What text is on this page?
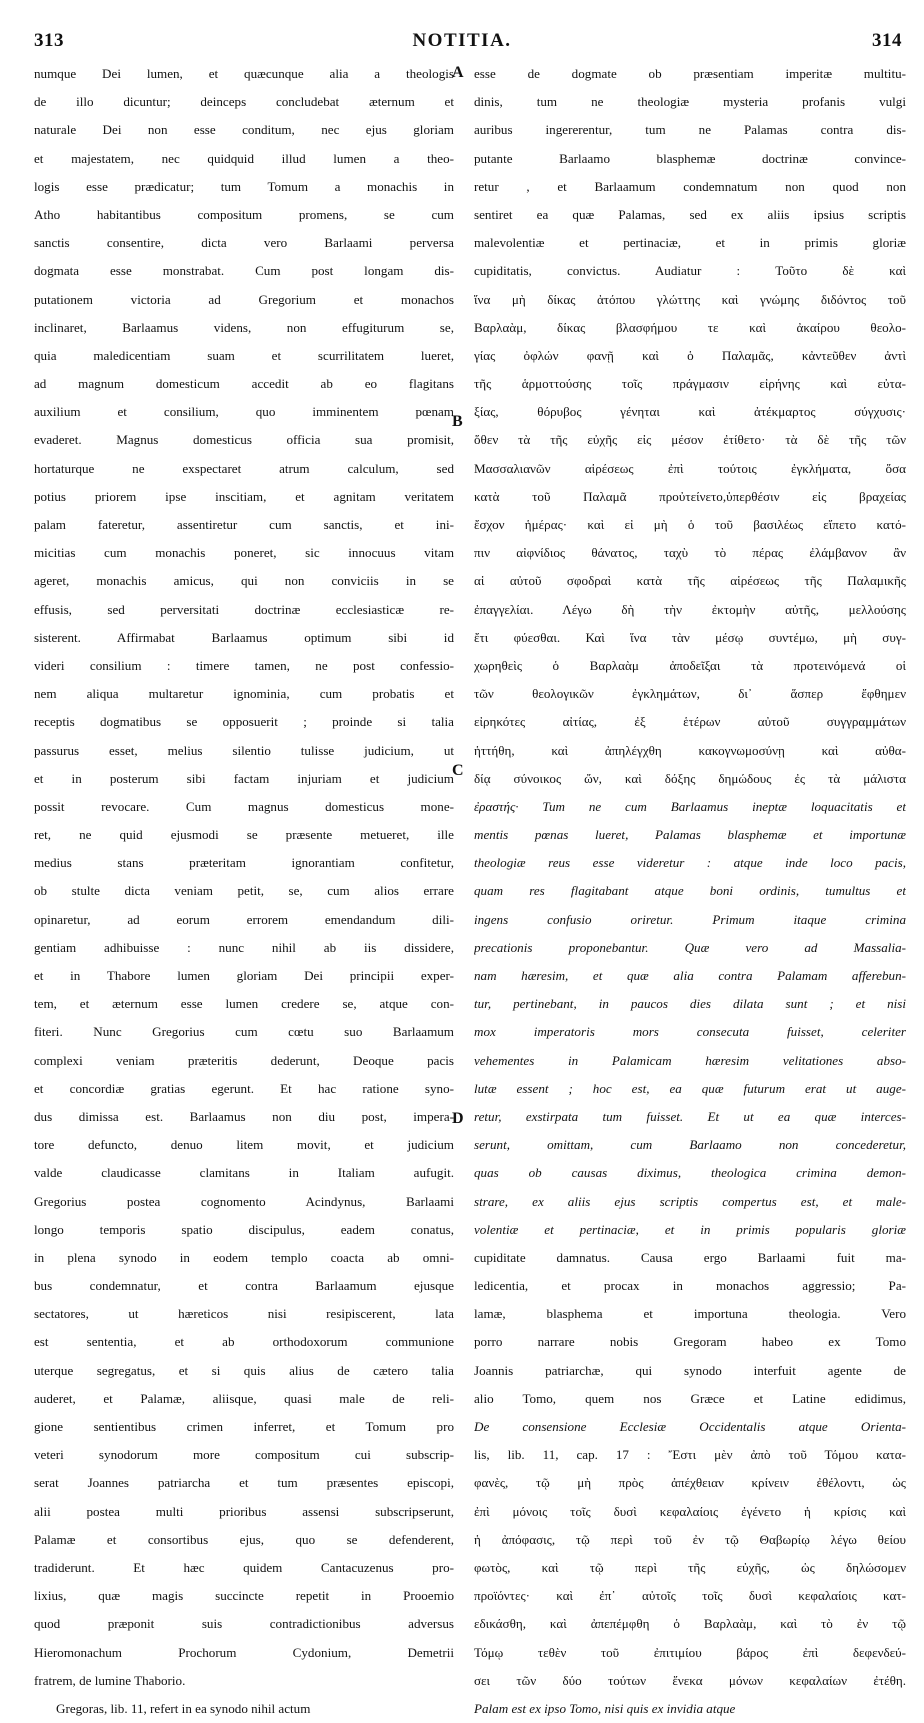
313	NOTITIA.	314
numque Dei lumen, et quæcunque alia a theologis
de illo dicuntur; deinceps concludebat æternum et
naturale Dei non esse conditum, nec ejus gloriam
et majestatem, nec quidquid illud lumen a theo-
logis esse prædicatur; tum Tomum a monachis in
Atho habitantibus compositum promens, se cum
sanctis consentire, dicta vero Barlaami perversa
dogmata esse monstrabat. Cum post longam dis-
putationem victoria ad Gregorium et monachos
inclinaret, Barlaamus videns, non effugiturum se,
quia maledicentiam suam et scurrilitatem lueret,
ad magnum domesticum accedit ab eo flagitans
auxilium et consilium, quo imminentem pœnam
evaderet. Magnus domesticus officia sua promisit,
hortaturque ne exspectaret atrum calculum, sed
potius priorem ipse inscitiam, et agnitam veritatem
palam fateretur, assentiretur cum sanctis, et ini-
micitias cum monachis poneret, sic innocuus vitam
ageret, monachis amicus, qui non conviciis in se
effusis, sed perversitati doctrinæ ecclesiasticæ re-
sisterent. Affirmabat Barlaamus optimum sibi id
videri consilium : timere tamen, ne post confessio-
nem aliqua multaretur ignominia, cum probatis et
receptis dogmatibus se opposuerit ; proinde si talia
passurus esset, melius silentio tulisse judicium, ut
et in posterum sibi factam injuriam et judicium
possit revocare. Cum magnus domesticus mone-
ret, ne quid ejusmodi se præsente metueret, ille
medius stans præteritam ignorantiam confitetur,
ob stulte dicta veniam petit, se, cum alios errare
opinaretur, ad eorum errorem emendandum dili-
gentiam adhibuisse : nunc nihil ab iis dissidere,
et in Thabore lumen gloriam Dei principii exper-
tem, et æternum esse lumen credere se, atque con-
fiteri. Nunc Gregorius cum cœtu suo Barlaamum
complexi veniam præteritis dederunt, Deoque pacis
et concordiæ gratias egerunt. Et hac ratione syno-
dus dimissa est. Barlaamus non diu post, impera-
tore defuncto, denuo litem movit, et judicium
valde claudicasse clamitans in Italiam aufugit.
Gregorius postea cognomento Acindynus, Barlaami
longo temporis spatio discipulus, eadem conatus,
in plena synodo in eodem templo coacta ab omni-
bus condemnatur, et contra Barlaamum ejusque
sectatores, ut hæreticos nisi resipiscerent, lata
est sententia, et ab orthodoxorum communione
uterque segregatus, et si quis alius de cætero talia
auderet, et Palamæ, aliisque, quasi male de reli-
gione sentientibus crimen inferret, et Tomum pro
veteri synodorum more compositum cui subscrip-
serat Joannes patriarcha et tum præsentes episcopi,
alii postea multi prioribus assensi subscripserunt,
Palamæ et consortibus ejus, quo se defenderent,
tradiderunt. Et hæc quidem Cantacuzenus pro-
lixius, quæ magis succincte repetit in Prooemio
quod præponit suis contradictionibus adversus
Hieromonachum Prochorum Cydonium, Demetrii
fratrem, de lumine Thaborio.
Gregoras, lib. 11, refert in ea synodo nihil actum
esse de dogmate ob præsentiam imperitæ multitu-
dinis, tum ne theologiæ mysteria profanis vulgi
auribus ingererentur, tum ne Palamas contra dis-
putante Barlaamo blasphemæ doctrinæ convince-
retur , et Barlaamum condemnatum non quod non
sentiret ea quæ Palamas, sed ex aliis ipsius scriptis
malevolentiæ et pertinaciæ, et in primis gloriæ
cupiditatis, convictus. Audiatur : Τοῦτο δὲ καὶ
ἵνα μὴ δίκας ἀτόπου γλώττης καὶ γνώμης διδόντος τοῦ
Βαρλαὰμ, δίκας βλασφήμου τε καὶ ἀκαίρου θεολο-
γίας ὀφλών φανῇ καὶ ὁ Παλαμᾶς, κἀντεῦθεν ἀντὶ
τῆς ἁρμοττούσης τοῖς πράγμασιν εἰρήνης καὶ εὐτα-
ξίας, θόρυβος γένηται καὶ ἀτέκμαρτος σύγχυσις·
ὅθεν τὰ τῆς εὐχῆς εἰς μέσον ἐτίθετο· τὰ δὲ τῆς τῶν
Μασσαλιανῶν αἱρέσεως ἐπὶ τούτοις ἐγκλήματα, ὅσα
κατὰ τοῦ Παλαμᾶ προὐτείνετο,ὑπερθέσιν εἰς βραχείας
ἔσχον ἡμέρας· καὶ εἰ μὴ ὁ τοῦ βασιλέως εἴπετο κατό-
πιν αἰφνίδιος θάνατος, ταχὺ τὸ πέρας ἐλάμβανον ἂν
αἱ αὐτοῦ σφοδραὶ κατὰ τῆς αἱρέσεως τῆς Παλαμικῆς
ἐπαγγελίαι. Λέγω δὴ τὴν ἐκτομὴν αὐτῆς, μελλούσης
ἔτι φύεσθαι. Καὶ ἵνα τὰν μέσῳ συντέμω, μὴ συγ-
χωρηθεὶς ὁ Βαρλαὰμ ἀποδεῖξαι τὰ προτεινόμενά οἱ
τῶν θεολογικῶν ἐγκλημάτων, δι᾽ ἅσπερ ἔφθημεν
εἰρηκότες αἰτίας, ἐξ ἑτέρων αὐτοῦ συγγραμμάτων
ἡττήθη, καὶ ἀπηλέγχθη κακογνωμοσύνῃ καὶ αὐθα-
δίᾳ σύνοικος ὤν, καὶ δόξης δημώδους ἐς τὰ μάλιστα
ἐραστής· Tum ne cum Barlaamus ineptæ loquacitatis et
mentis pœnas lueret, Palamas blasphemæ et importunæ
theologiæ reus esse videretur : atque inde loco pacis,
quam res flagitabant atque boni ordinis, tumultus et
ingens confusio oriretur. Primum itaque crimina
precationis proponebantur. Quæ vero ad Massalia-
nam hæresim, et quæ alia contra Palamam afferebun-
tur, pertinebant, in paucos dies dilata sunt ; et nisi
mox imperatoris mors consecuta fuisset, celeriter
vehementes in Palamicam hæresim velitationes abso-
lutæ essent ; hoc est, ea quæ futurum erat ut auge-
retur, exstirpata tum fuisset. Et ut ea quæ interces-
serunt, omittam, cum Barlaamo non concederetur,
quas ob causas diximus, theologica crimina demon-
strare, ex aliis ejus scriptis compertus est, et male-
volentiæ et pertinaciæ, et in primis popularis gloriæ
cupiditate damnatus. Causa ergo Barlaami fuit ma-
ledicentia, et procax in monachos aggressio; Pa-
lamæ, blasphema et importuna theologia. Vero
porro narrare nobis Gregoram habeo ex Tomo
Joannis patriarchæ, qui synodo interfuit agente de
alio Tomo, quem nos Græce et Latine edidimus,
De consensione Ecclesiæ Occidentalis atque Orienta-
lis, lib. 11, cap. 17 : Ἔστι μὲν ἀπὸ τοῦ Τόμου κατα-
φανὲς, τῷ μὴ πρὸς ἀπέχθειαν κρίνειν ἐθέλοντι, ὡς
ἐπὶ μόνοις τοῖς δυσὶ κεφαλαίοις ἐγένετο ἡ κρίσις καὶ
ἡ ἀπόφασις, τῷ περὶ τοῦ ἐν τῷ Θαβωρίῳ λέγω θείου
φωτὸς, καὶ τῷ περὶ τῆς εὐχῆς, ὡς δηλώσομεν
προϊόντες· καὶ ἐπ᾽ αὐτοῖς τοῖς δυσὶ κεφαλαίοις κατ-
εδικάσθη, καὶ ἀπεπέμφθη ὁ Βαρλαὰμ, καὶ τὸ ἐν τῷ
Τόμῳ τεθὲν τοῦ ἐπιτιμίου βάρος ἐπὶ δεφενδεύ-
σει τῶν δύο τούτων ἕνεκα μόνων κεφαλαίων ἐτέθη.
Palam est ex ipso Tomo, nisi quis ex invidia atque
A
B
C
D
